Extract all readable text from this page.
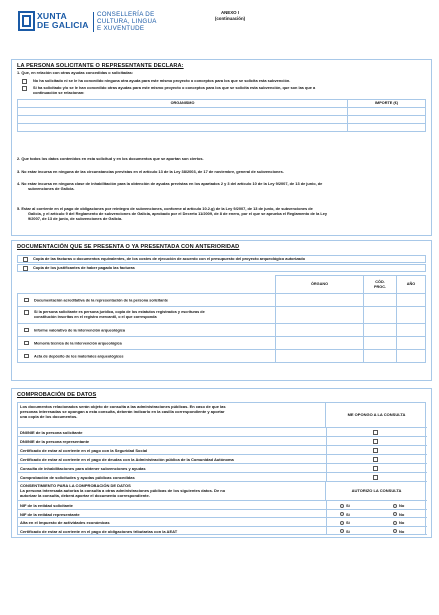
XUNTA
DE GALICIA
CONSELLERÍA DE
CULTURA, LINGUA
E XUVENTUDE
ANEXO I
(continuación)
LA PERSONA SOLICITANTE O REPRESENTANTE DECLARA:
1. Que, en relación con otras ayudas concedidas o solicitadas:
No ha solicitado ni se le ha concedido ninguna otra ayuda para este mismo proyecto o conceptos para los que se solicita esta subvención.
Sí ha solicitado y/o se le han concedido otras ayudas para este mismo proyecto o conceptos para los que se solicita esta subvención, que son las que a
continuación se relacionan:
ORGANISMO	IMPORTE (€)

2. Que todos los datos contenidos en esta solicitud y en los documentos que se aportan son ciertos.
3. No estar incursa en ninguna de las circunstancias previstas en el artículo 13 de la Ley 38/2003, de 17 de noviembre, general de subvenciones.
4. No estar incursa en ninguna clase de inhabilitación para la obtención de ayudas previstas en los apartados 2 y 3 del artículo 10 de la Ley 9/2007, de 13 de junio, de
subvenciones de Galicia.
5. Estar al corriente en el pago de obligaciones por reintegro de subvenciones, conforme al artículo 10.2.g) de la Ley 9/2007, de 13 de junio, de subvenciones de
Galicia, y el artículo 9 del Reglamento de subvenciones de Galicia, aprobado por el Decreto 11/2009, de 8 de enero, por el que se aprueba el Reglamento de la Ley
9/2007, de 13 de junio, de subvenciones de Galicia.
DOCUMENTACIÓN QUE SE PRESENTA O YA PRESENTADA CON ANTERIORIDAD
Copia de las facturas o documentos equivalentes, de los costes de ejecución de acuerdo con el presupuesto del proyecto arqueológico autorizado
Copia de los justificantes de haber pagado las facturas
	ÓRGANO	CÓD.
PROC.	AÑO
Documentación acreditativa de la representación de la persona solicitante			

Si la persona solicitante es persona jurídica, copia de los estatutos registrados y escrituras de
constitución inscritas en el registro mercantil, o el que corresponda			

Informe valorativo de la intervención arqueológica			
Memoria técnica de la intervención arqueológica			
Acta de depósito de los materiales arqueológicos			
COMPROBACIÓN DE DATOS
Los documentos relacionados serán objeto de consulta a las administraciones públicas. En caso de que las
personas interesadas se opongan a esta consulta, deberán indicarlo en la casilla correspondiente y aportar
una copia de los documentos.	ME OPONGO A LA CONSULTA
DNI/NIE de la persona solicitante
DNI/NIE de la persona representante
Certificado de estar al corriente en el pago con la Seguridad Social
Certificado de estar al corriente en el pago de deudas con la Administración pública de la Comunidad Autónoma
Consulta de inhabilitaciones para obtener subvenciones y ayudas
Comprobación de solicitudes y ayudas públicas concedidas
CONSENTIMIENTO PARA LA COMPROBACIÓN DE DATOS
La persona interesada autoriza la consulta a otras administraciones públicas de los siguientes datos. De no
autorizar la consulta, deberá aportar el documento correspondiente.
AUTORIZO LA CONSULTA
NIF de la entidad solicitante	Sí	No
NIF de la entidad representante	Sí	No
Alta en el Impuesto de actividades económicas	Sí	No
Certificado de estar al corriente en el pago de obligaciones tributarias con la AEAT	Sí	No
